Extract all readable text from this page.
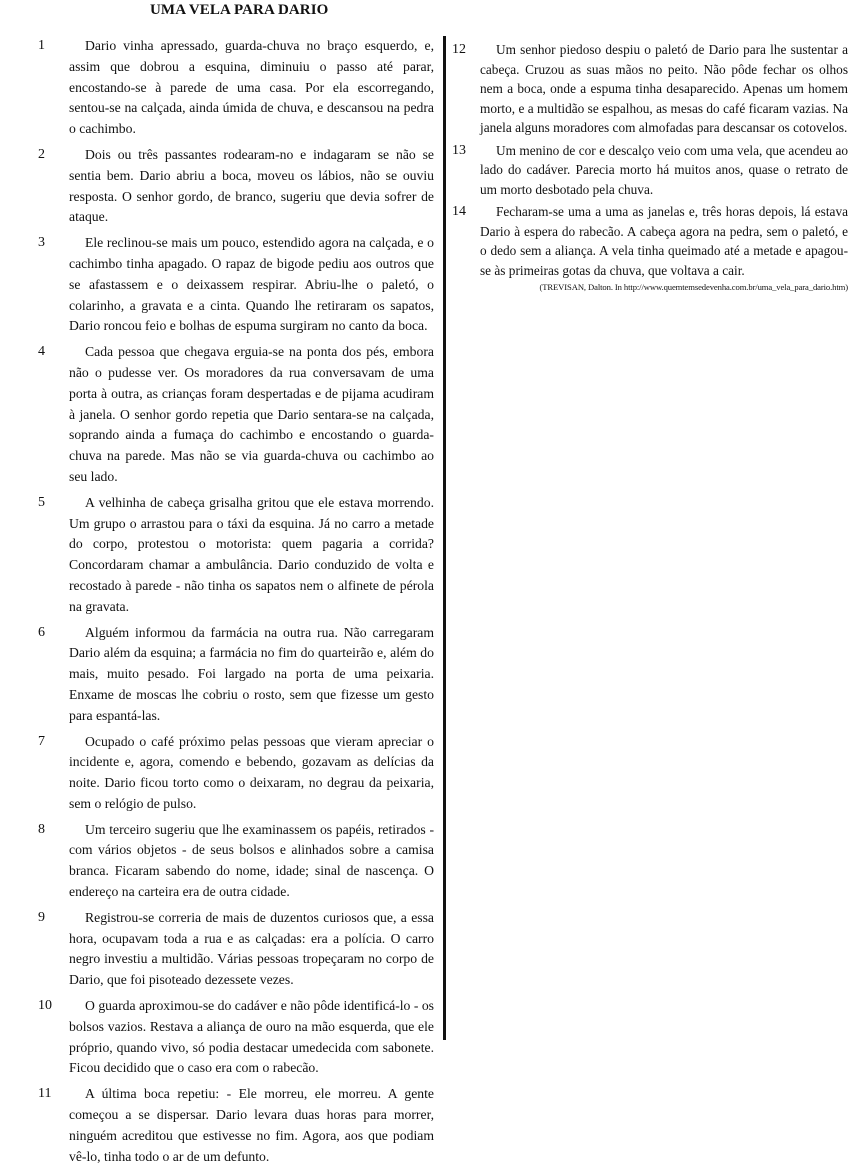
UMA VELA PARA DARIO
1	Dario vinha apressado, guarda-chuva no braço esquerdo, e, assim que dobrou a esquina, diminuiu o passo até parar, encostando-se à parede de uma casa. Por ela escorregando, sentou-se na calçada, ainda úmida de chuva, e descansou na pedra o cachimbo.
2	Dois ou três passantes rodearam-no e indagaram se não se sentia bem. Dario abriu a boca, moveu os lábios, não se ouviu resposta. O senhor gordo, de branco, sugeriu que devia sofrer de ataque.
3	Ele reclinou-se mais um pouco, estendido agora na calçada, e o cachimbo tinha apagado. O rapaz de bigode pediu aos outros que se afastassem e o deixassem respirar. Abriu-lhe o paletó, o colarinho, a gravata e a cinta. Quando lhe retiraram os sapatos, Dario roncou feio e bolhas de espuma surgiram no canto da boca.
4	Cada pessoa que chegava erguia-se na ponta dos pés, embora não o pudesse ver. Os moradores da rua conversavam de uma porta à outra, as crianças foram despertadas e de pijama acudiram à janela. O senhor gordo repetia que Dario sentara-se na calçada, soprando ainda a fumaça do cachimbo e encostando o guarda-chuva na parede. Mas não se via guarda-chuva ou cachimbo ao seu lado.
5	A velhinha de cabeça grisalha gritou que ele estava morrendo. Um grupo o arrastou para o táxi da esquina. Já no carro a metade do corpo, protestou o motorista: quem pagaria a corrida? Concordaram chamar a ambulância. Dario conduzido de volta e recostado à parede - não tinha os sapatos nem o alfinete de pérola na gravata.
6	Alguém informou da farmácia na outra rua. Não carregaram Dario além da esquina; a farmácia no fim do quarteirão e, além do mais, muito pesado. Foi largado na porta de uma peixaria. Enxame de moscas lhe cobriu o rosto, sem que fizesse um gesto para espantá-las.
7	Ocupado o café próximo pelas pessoas que vieram apreciar o incidente e, agora, comendo e bebendo, gozavam as delícias da noite. Dario ficou torto como o deixaram, no degrau da peixaria, sem o relógio de pulso.
8	Um terceiro sugeriu que lhe examinassem os papéis, retirados - com vários objetos - de seus bolsos e alinhados sobre a camisa branca. Ficaram sabendo do nome, idade; sinal de nascença. O endereço na carteira era de outra cidade.
9	Registrou-se correria de mais de duzentos curiosos que, a essa hora, ocupavam toda a rua e as calçadas: era a polícia. O carro negro investiu a multidão. Várias pessoas tropeçaram no corpo de Dario, que foi pisoteado dezessete vezes.
10	O guarda aproximou-se do cadáver e não pôde identificá-lo - os bolsos vazios. Restava a aliança de ouro na mão esquerda, que ele próprio, quando vivo, só podia destacar umedecida com sabonete. Ficou decidido que o caso era com o rabecão.
11	A última boca repetiu: - Ele morreu, ele morreu. A gente começou a se dispersar. Dario levara duas horas para morrer, ninguém acreditou que estivesse no fim. Agora, aos que podiam vê-lo, tinha todo o ar de um defunto.
12	Um senhor piedoso despiu o paletó de Dario para lhe sustentar a cabeça. Cruzou as suas mãos no peito. Não pôde fechar os olhos nem a boca, onde a espuma tinha desaparecido. Apenas um homem morto, e a multidão se espalhou, as mesas do café ficaram vazias. Na janela alguns moradores com almofadas para descansar os cotovelos.
13	Um menino de cor e descalço veio com uma vela, que acendeu ao lado do cadáver. Parecia morto há muitos anos, quase o retrato de um morto desbotado pela chuva.
14	Fecharam-se uma a uma as janelas e, três horas depois, lá estava Dario à espera do rabecão. A cabeça agora na pedra, sem o paletó, e o dedo sem a aliança. A vela tinha queimado até a metade e apagou-se às primeiras gotas da chuva, que voltava a cair.
(TREVISAN, Dalton. In http://www.quemtemsedevenha.com.br/uma_vela_para_dario.htm)
